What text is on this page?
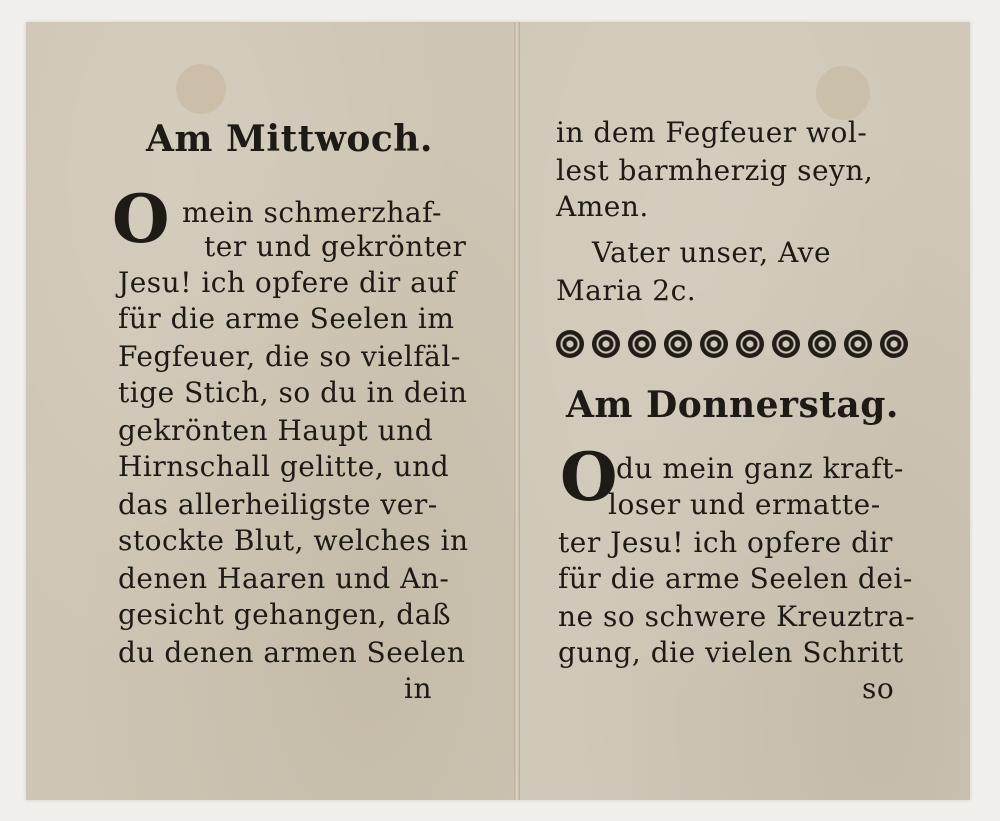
Am Mittwoch.
O mein schmerzhaf-
ter und gekrönter
Jesu! ich opfere dir auf
für die arme Seelen im
Fegfeuer, die so vielfäl-
tige Stich, so du in dein
gekrönten Haupt und
Hirnschall gelitte, und
das allerheiligste ver-
stockte Blut, welches in
denen Haaren und An-
gesicht gehangen, daß
du denen armen Seelen
in
in dem Fegfeuer wol-
lest barmherzig seyn,
Amen.
Vater unser, Ave
Maria 2c.
Am Donnerstag.
O
du mein ganz kraft-
loser und ermatte-
ter Jesu! ich opfere dir
für die arme Seelen dei-
ne so schwere Kreuztra-
gung, die vielen Schritt
so
